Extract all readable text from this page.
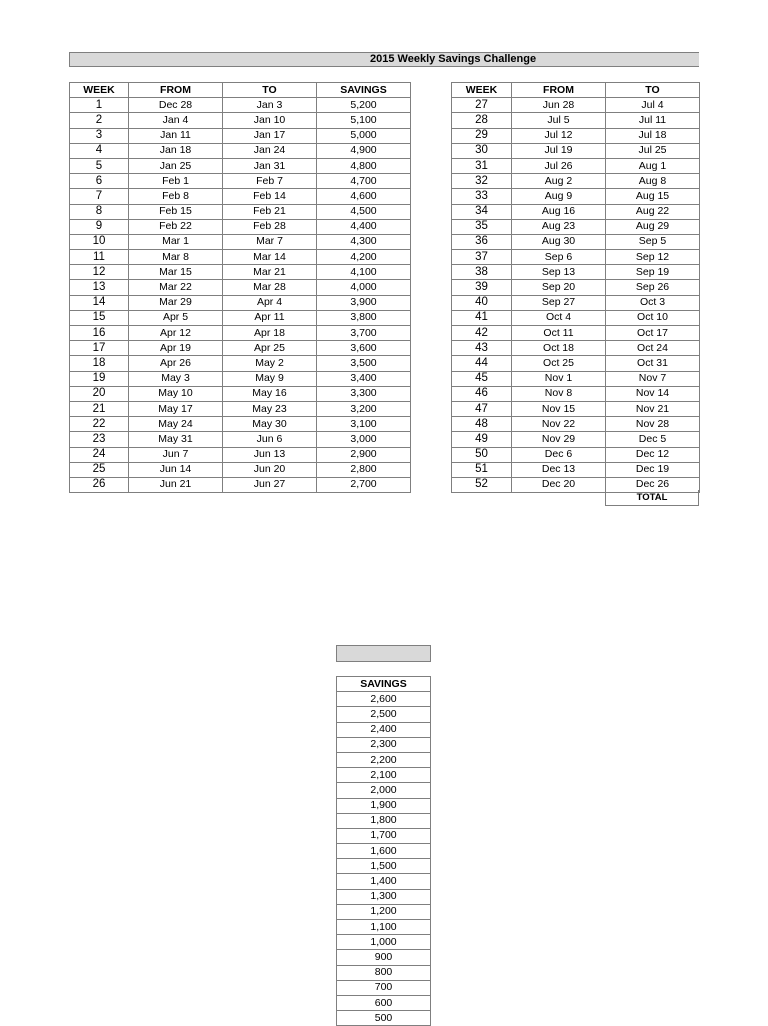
2015 Weekly Savings Challenge
WEEK	FROM	TO	SAVINGS
1	Dec 28	Jan 3	5,200
2	Jan 4	Jan 10	5,100
3	Jan 11	Jan 17	5,000
4	Jan 18	Jan 24	4,900
5	Jan 25	Jan 31	4,800
6	Feb 1	Feb 7	4,700
7	Feb 8	Feb 14	4,600
8	Feb 15	Feb 21	4,500
9	Feb 22	Feb 28	4,400
10	Mar 1	Mar 7	4,300
11	Mar 8	Mar 14	4,200
12	Mar 15	Mar 21	4,100
13	Mar 22	Mar 28	4,000
14	Mar 29	Apr 4	3,900
15	Apr 5	Apr 11	3,800
16	Apr 12	Apr 18	3,700
17	Apr 19	Apr 25	3,600
18	Apr 26	May 2	3,500
19	May 3	May 9	3,400
20	May 10	May 16	3,300
21	May 17	May 23	3,200
22	May 24	May 30	3,100
23	May 31	Jun 6	3,000
24	Jun 7	Jun 13	2,900
25	Jun 14	Jun 20	2,800
26	Jun 21	Jun 27	2,700
WEEK	FROM	TO
27	Jun 28	Jul 4
28	Jul 5	Jul 11
29	Jul 12	Jul 18
30	Jul 19	Jul 25
31	Jul 26	Aug 1
32	Aug 2	Aug 8
33	Aug 9	Aug 15
34	Aug 16	Aug 22
35	Aug 23	Aug 29
36	Aug 30	Sep 5
37	Sep 6	Sep 12
38	Sep 13	Sep 19
39	Sep 20	Sep 26
40	Sep 27	Oct 3
41	Oct 4	Oct 10
42	Oct 11	Oct 17
43	Oct 18	Oct 24
44	Oct 25	Oct 31
45	Nov 1	Nov 7
46	Nov 8	Nov 14
47	Nov 15	Nov 21
48	Nov 22	Nov 28
49	Nov 29	Dec 5
50	Dec 6	Dec 12
51	Dec 13	Dec 19
52	Dec 20	Dec 26
TOTAL
SAVINGS
2,600
2,500
2,400
2,300
2,200
2,100
2,000
1,900
1,800
1,700
1,600
1,500
1,400
1,300
1,200
1,100
1,000
900
800
700
600
500
